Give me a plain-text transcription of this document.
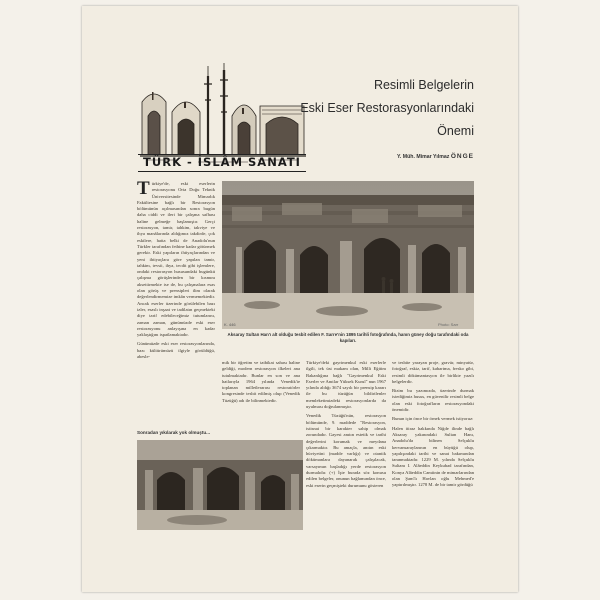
TÜRK - İSLÂM SANATI
Resimli Belgelerin
Eski Eser Restorasyonlarındaki
Önemi
Y. Müh. Mimar Yılmaz ÖNGE

Türkiye'de, eski eserlerin restorasyonu Orta Doğu Teknik Üniversitesinde Mimarlık Fakültesine bağlı bir Restorasyon bölümünün açılmasından sonra bugün daha ciddi ve ileri bir çalışma safhası haline gelmeğe başlamıştır. Gerçi restorasyon, tamir, tahkim, takviye ve ihya manâlarında aldığımız takdirde, çok eskilere, hatta belki de Anadolu'nun Türkler tarafından fethine kadar götürmek gerekir. Eski yapıların ihtiyaçlarından ve yeni ihtiyaçlara göre yapılan tamir, tahkim, tevsii, ihya, tecdit gibi işlemlere, ondaki restorasyon hususundaki bugünkü çalışma görüşlerinden bir kısmını aksettirmekte ise de, bu çalışmalara esas olan görüş ve prensipleri ilim olarak değerlendirmemize imkân vermemektedir. Ancak eserler üzerinde görülebilen bazı izler, esaslı inşaat ve tadilatın geçmekteki diye tarif edebileceğimiz tutumlarını, zaman zaman, günümüzde eski eser restorasyonu anlayışına en kadar yaklaştığını ispatlamaktadır.

Günümüzde eski eser restorasyonlarında, bazı kültürümüzü ilgiyle görüldüğü, abesle-

K. 446	Photo: Sarr
Aksaray Sultan Han'ı alt olduğu tesbit edilen F. Sarre'nin 1895 tarihli fotoğrafında, hanın güney doğu tarafındaki oda kapıları.

mik bir öğretim ve tatbikat sahası haline geldiği, modern restorasyon ilkeleri ana tutulmaktadır. Bunlar en son ve ana hatlarıyla 1964 yılında Venedik'te toplanan milletlerarası restoratörler kongresinde tesbit edilmiş olup (Venedik Tüzüğü) adı ile bilinmektedir.

Türkiye'deki gayrimenkul eski eserlerle ilgili, tek üst makam olan, Milli Eğitim Bakanlığına bağlı "Gayrimenkul Eski Eserler ve Anıtlar Yüksek Kurul" nun 1967 yılında aldığı 3674 sayılı bir prensip kararı ile bu tüzüğün bildirilenler memleketimizdeki restorasyonlarda da uyulması doğrulanmıştır.

Venedik Tüzüğü'nün, restorasyon bölümünde, 9. maddede "Restorasyon, istisnai bir karakter sahip olmak zorundadır. Gayesi anıtın estetik ve tarihi değerlerini korumak ve meydana çıkarmaktır. Bu amaçla, anıtın eski hüviyetini (madde varlığı) ve otantik dökümanlara dayanarak çalışılacak, varsayımın başladığı yerde restorasyon durmalıdır. (+) İşte burada söz konusu edilen belgeler, onunun bağlamından önce, eski eserin geçmişteki durumunu gösteren

ve tesbite yarayan proje, gravür, minyatür, fotoğraf, eskiz, tarif, kabartma, fresko gibi, resimli dökümantasyon ile birlikte yazılı belgelerdir.

Bizim bu yazımızda, üzerinde durmak istediğimiz husus, en güvenilir resimli belge olan eski fotoğrafların restorasyondaki önemidir.

Bunun için önce bir örnek vermek istiyoruz:

Halen itiraz hakkında Niğde ilinde bağlı Aksaray yakınındaki Sultan Hanı, Anadolu'da bilinen Selçuklu kervansaraylarının en büyüğü olup, yapılışındaki tarihi ve sanat bakımından tanınmaktadır. 1229 M. yılında Selçuklu Sultanı I. Alâeddin Keykubad tarafından, Konya Alâeddin Camiinin de mimarlarından olan Şam'lı Havlan oğlu Mehmed'e yaptırılmıştır. 1278 M. de bir tamir gördüğü

Sonradan yıkılarak yok olmuştu...
